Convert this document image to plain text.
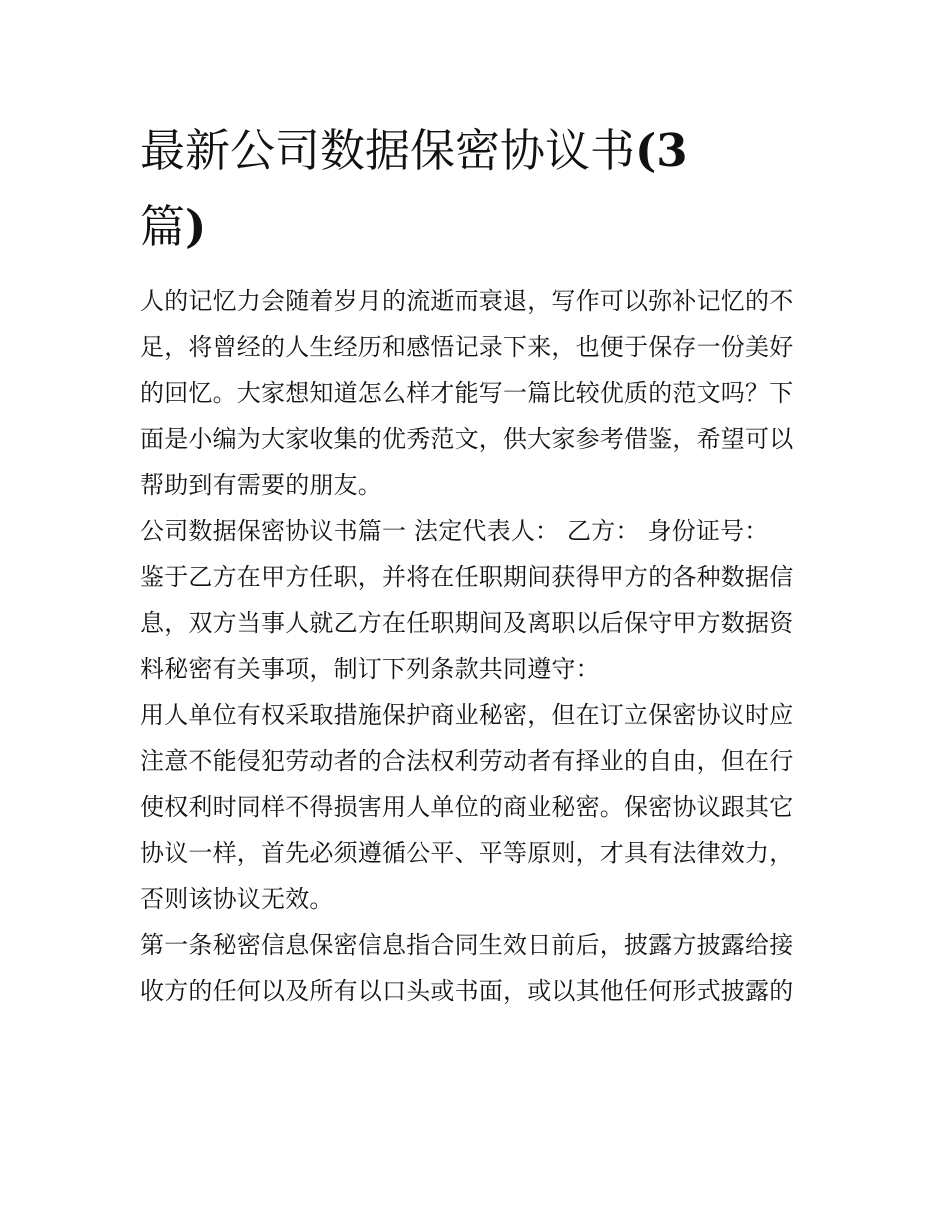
最新公司数据保密协议书(3
篇)

人的记忆力会随着岁月的流逝而衰退，写作可以弥补记忆的不
足，将曾经的人生经历和感悟记录下来，也便于保存一份美好
的回忆。大家想知道怎么样才能写一篇比较优质的范文吗？下
面是小编为大家收集的优秀范文，供大家参考借鉴，希望可以
帮助到有需要的朋友。

公司数据保密协议书篇一 法定代表人： 乙方： 身份证号：

鉴于乙方在甲方任职，并将在任职期间获得甲方的各种数据信
息，双方当事人就乙方在任职期间及离职以后保守甲方数据资
料秘密有关事项，制订下列条款共同遵守：

用人单位有权采取措施保护商业秘密，但在订立保密协议时应
注意不能侵犯劳动者的合法权利劳动者有择业的自由，但在行
使权利时同样不得损害用人单位的商业秘密。保密协议跟其它
协议一样，首先必须遵循公平、平等原则，才具有法律效力，
否则该协议无效。

第一条秘密信息保密信息指合同生效日前后，披露方披露给接
收方的任何以及所有以口头或书面，或以其他任何形式披露的
